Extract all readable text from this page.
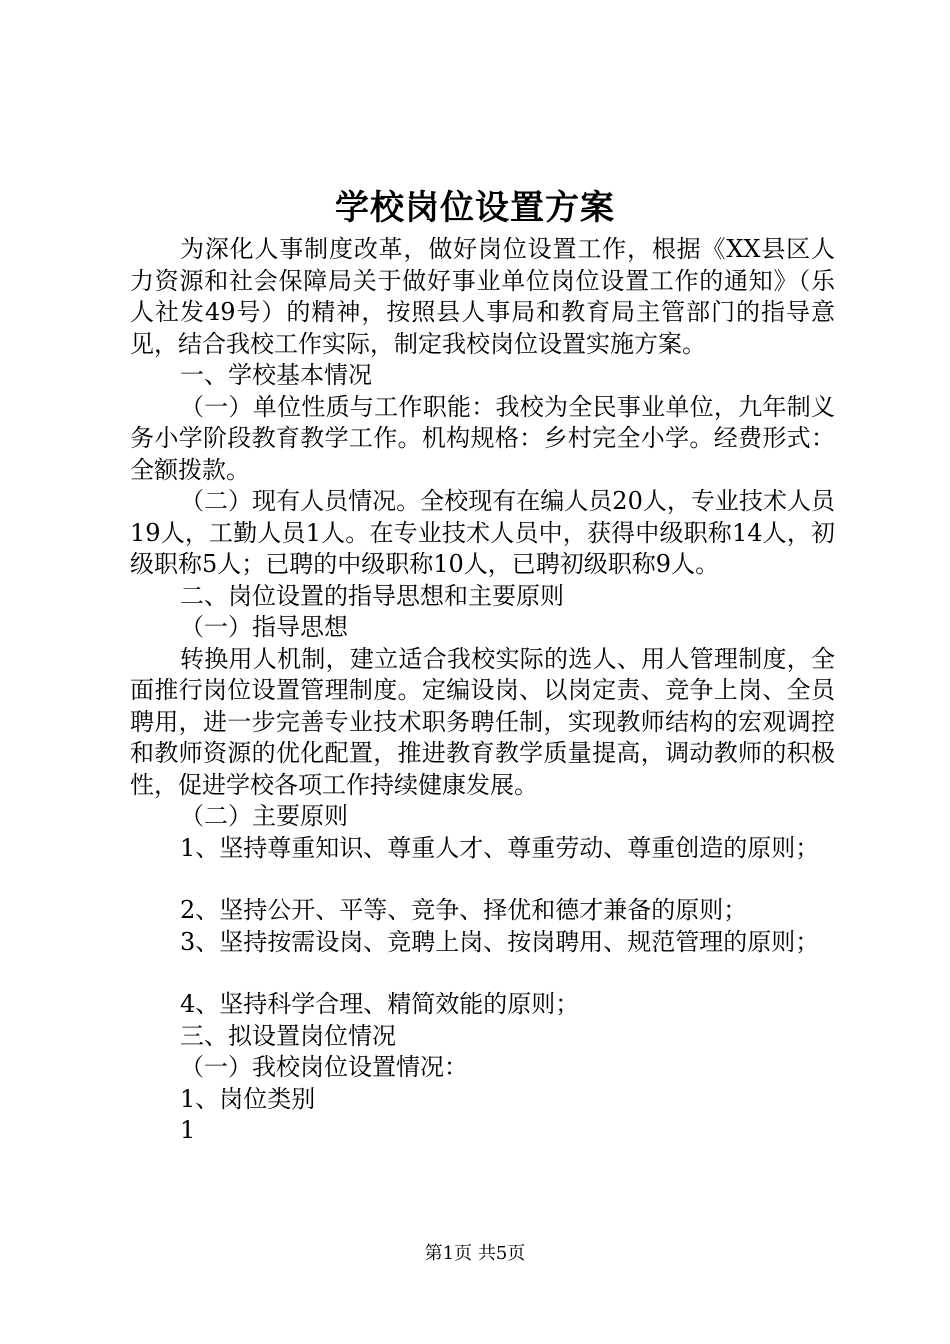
学校岗位设置方案

为深化人事制度改革，做好岗位设置工作，根据《XX县区人力资源和社会保障局关于做好事业单位岗位设置工作的通知》（乐人社发49号）的精神，按照县人事局和教育局主管部门的指导意见，结合我校工作实际，制定我校岗位设置实施方案。

一、学校基本情况

（一）单位性质与工作职能：我校为全民事业单位，九年制义务小学阶段教育教学工作。机构规格：乡村完全小学。经费形式：全额拨款。

（二）现有人员情况。全校现有在编人员20人，专业技术人员19人，工勤人员1人。在专业技术人员中，获得中级职称14人，初级职称5人；已聘的中级职称10人，已聘初级职称9人。

二、岗位设置的指导思想和主要原则

（一）指导思想

转换用人机制，建立适合我校实际的选人、用人管理制度，全面推行岗位设置管理制度。定编设岗、以岗定责、竞争上岗、全员聘用，进一步完善专业技术职务聘任制，实现教师结构的宏观调控和教师资源的优化配置，推进教育教学质量提高，调动教师的积极性，促进学校各项工作持续健康发展。

（二）主要原则

1、坚持尊重知识、尊重人才、尊重劳动、尊重创造的原则；

2、坚持公开、平等、竞争、择优和德才兼备的原则；

3、坚持按需设岗、竞聘上岗、按岗聘用、规范管理的原则；

4、坚持科学合理、精简效能的原则；

三、拟设置岗位情况

（一）我校岗位设置情况：

1、岗位类别

1

第1页 共5页
